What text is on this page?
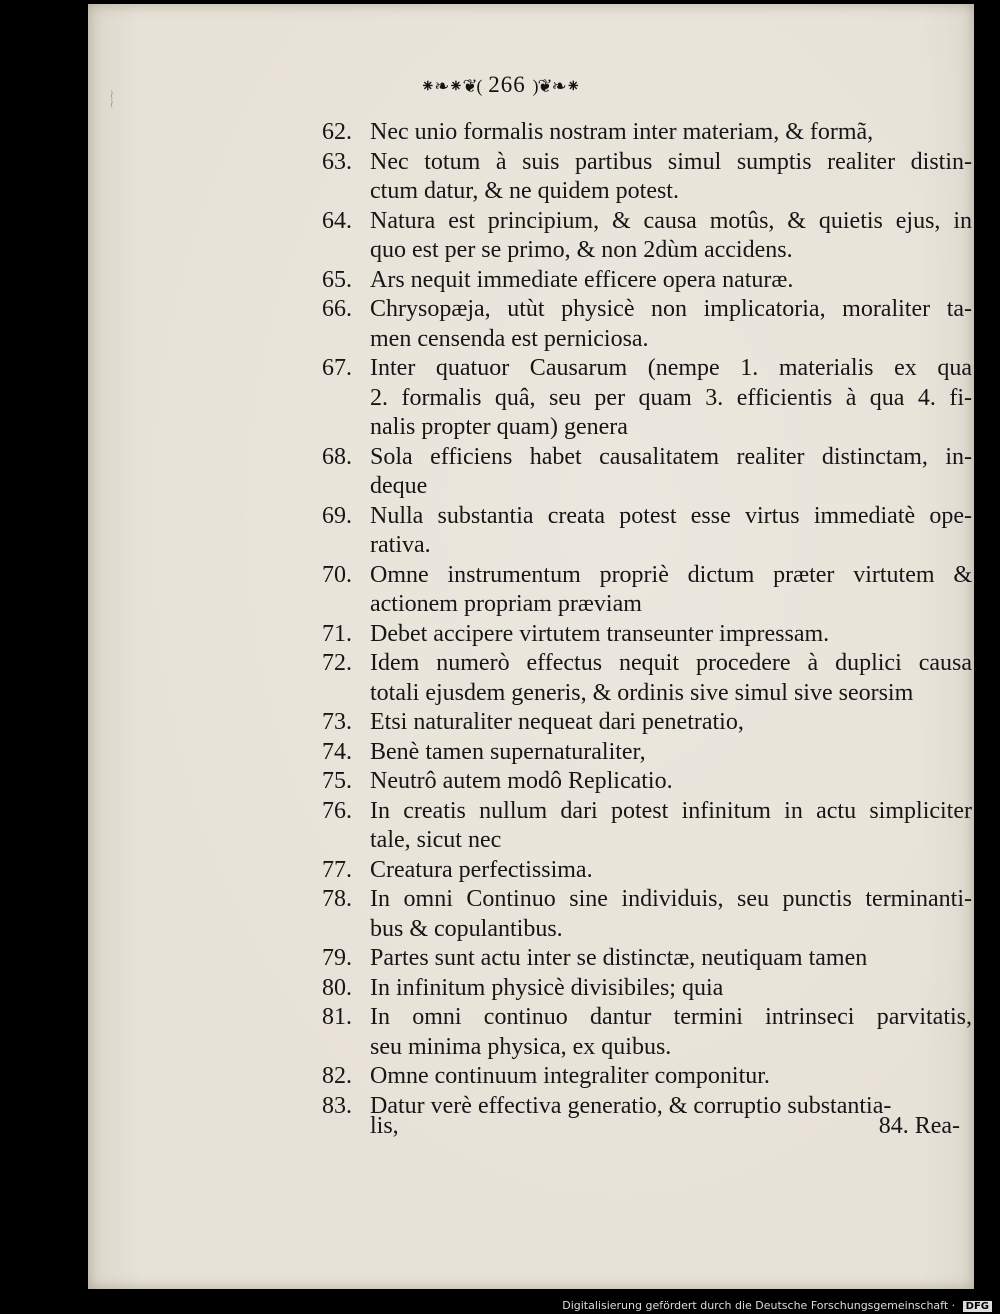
⁓⁓
⁕❧⁕❦( 266 )❦❧⁕
62. Nec unio formalis nostram inter materiam, & formã,
63. Nec totum à suis partibus simul sumptis realiter distin-
ctum datur, & ne quidem potest.
64. Natura est principium, & causa motûs, & quietis ejus, in
quo est per se primo, & non 2dùm accidens.
65. Ars nequit immediate efficere opera naturæ.
66. Chrysopæja, utùt physicè non implicatoria, moraliter ta-
men censenda est perniciosa.
67. Inter quatuor Causarum (nempe 1. materialis ex qua
2. formalis quâ, seu per quam 3. efficientis à qua 4. fi-
nalis propter quam) genera
68. Sola efficiens habet causalitatem realiter distinctam, in-
deque
69. Nulla substantia creata potest esse virtus immediatè ope-
rativa.
70. Omne instrumentum propriè dictum præter virtutem &
actionem propriam præviam
71. Debet accipere virtutem transeunter impressam.
72. Idem numerò effectus nequit procedere à duplici causa
totali ejusdem generis, & ordinis sive simul sive seorsim
73. Etsi naturaliter nequeat dari penetratio,
74. Benè tamen supernaturaliter,
75. Neutrô autem modô Replicatio.
76. In creatis nullum dari potest infinitum in actu simpliciter
tale, sicut nec
77. Creatura perfectissima.
78. In omni Continuo sine individuis, seu punctis terminanti-
bus & copulantibus.
79. Partes sunt actu inter se distinctæ, neutiquam tamen
80. In infinitum physicè divisibiles; quia
81. In omni continuo dantur termini intrinseci parvitatis,
seu minima physica, ex quibus.
82. Omne continuum integraliter componitur.
83. Datur verè effectiva generatio, & corruptio substantia-
lis,	84. Rea-
Digitalisierung gefördert durch die Deutsche Forschungsgemeinschaft · DFG
